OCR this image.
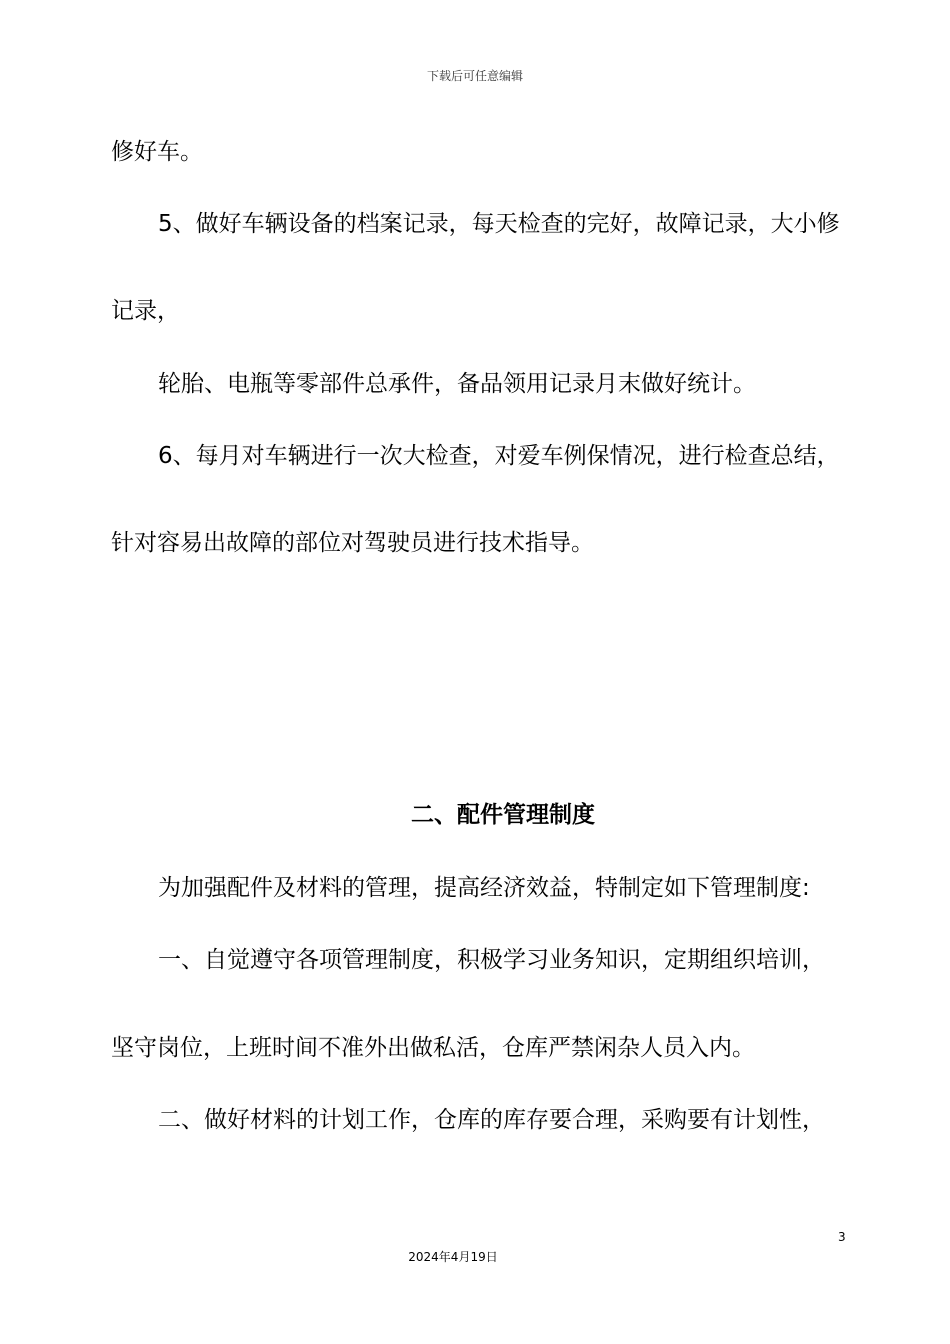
下载后可任意编辑
修好车。
5、做好车辆设备的档案记录，每天检查的完好，故障记录，大小修
记录，
轮胎、电瓶等零部件总承件，备品领用记录月末做好统计。
6、每月对车辆进行一次大检查，对爱车例保情况，进行检查总结，
针对容易出故障的部位对驾驶员进行技术指导。
二、配件管理制度
为加强配件及材料的管理，提高经济效益，特制定如下管理制度:
一、自觉遵守各项管理制度，积极学习业务知识，定期组织培训，
坚守岗位，上班时间不准外出做私活，仓库严禁闲杂人员入内。
二、做好材料的计划工作，仓库的库存要合理，采购要有计划性，
3
2024年4月19日
